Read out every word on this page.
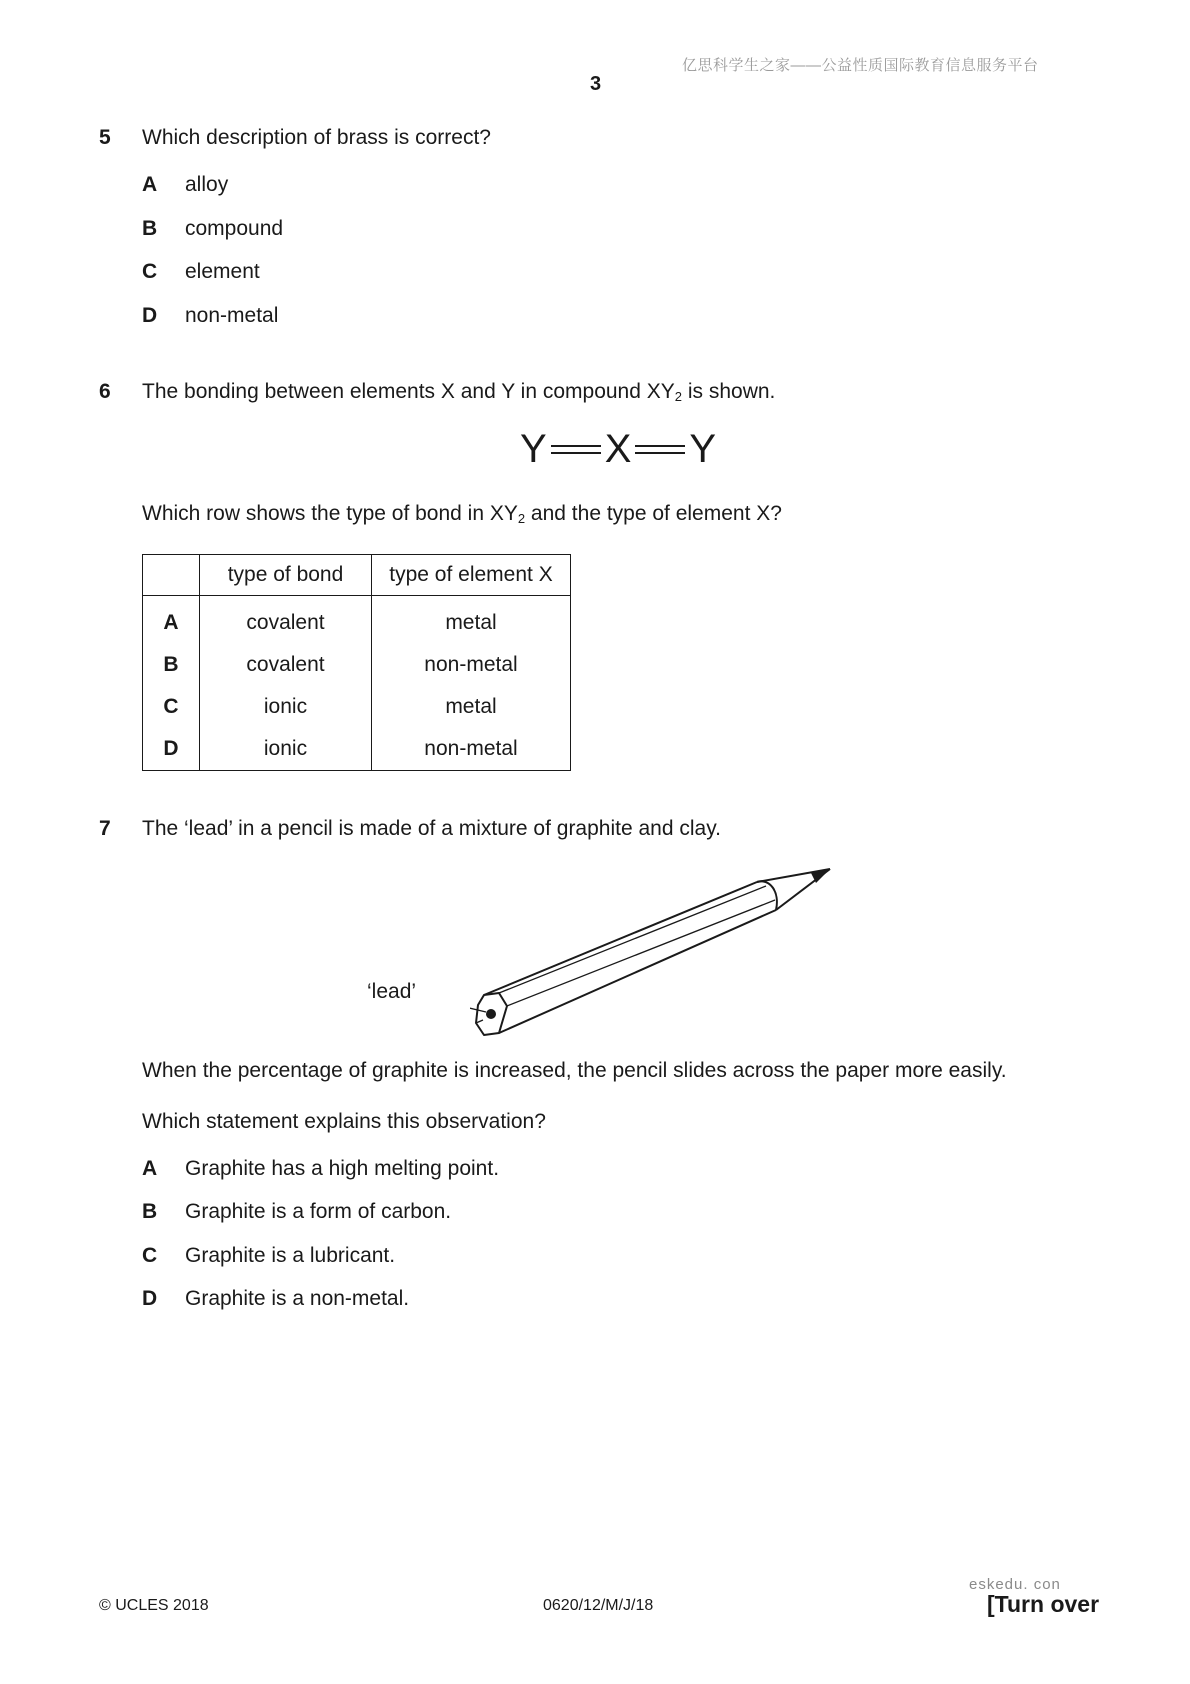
亿思科学生之家——公益性质国际教育信息服务平台
3
5 Which description of brass is correct?
A alloy
B compound
C element
D non-metal
6 The bonding between elements X and Y in compound $XY_2$ is shown.
Y X Y
Which row shows the type of bond in $XY_2$ and the type of element X?
	type of bond	type of element X
A	covalent	metal
B	covalent	non-metal
C	ionic	metal
D	ionic	non-metal
7 The ‘lead’ in a pencil is made of a mixture of graphite and clay.
‘lead’
When the percentage of graphite is increased, the pencil slides across the paper more easily.
Which statement explains this observation?
A Graphite has a high melting point.
B Graphite is a form of carbon.
C Graphite is a lubricant.
D Graphite is a non-metal.
© UCLES 2018	0620/12/M/J/18
eskedu. con
[Turn over
